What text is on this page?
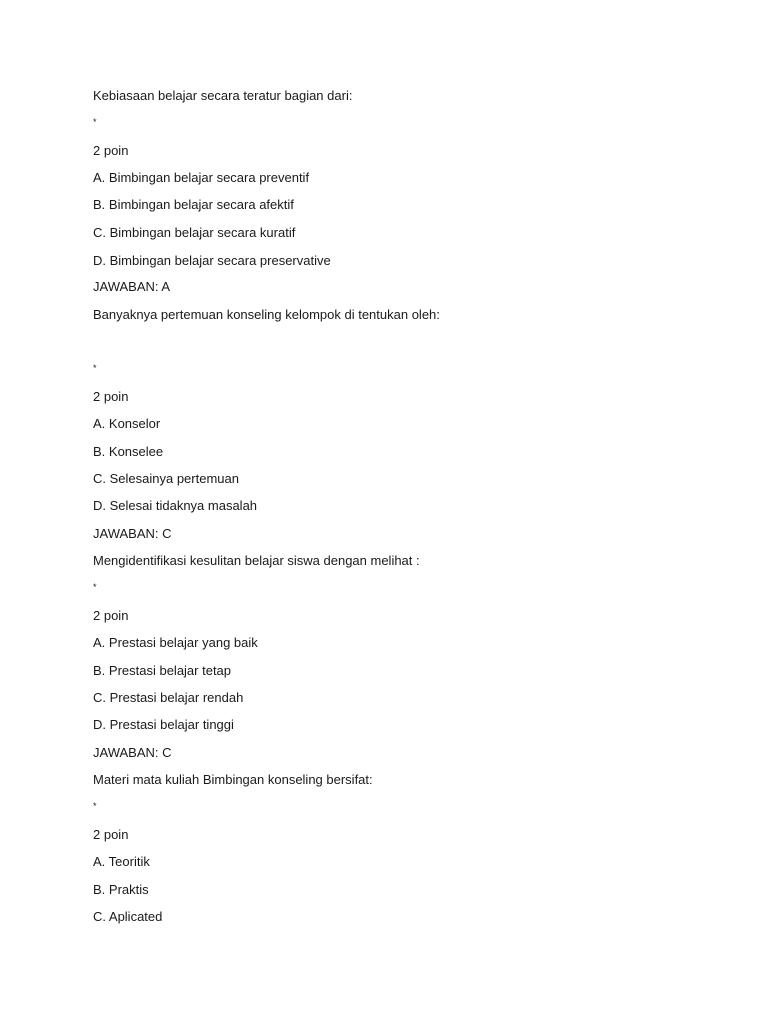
Kebiasaan belajar secara teratur bagian dari:
*
2 poin
A. Bimbingan belajar secara preventif
B. Bimbingan belajar secara afektif
C. Bimbingan belajar secara kuratif
D. Bimbingan belajar secara preservative
JAWABAN: A
Banyaknya pertemuan konseling kelompok di tentukan oleh:
*
2 poin
A. Konselor
B. Konselee
C. Selesainya pertemuan
D. Selesai tidaknya masalah
JAWABAN: C
Mengidentifikasi kesulitan belajar siswa dengan melihat :
*
2 poin
A. Prestasi belajar yang baik
B. Prestasi belajar tetap
C. Prestasi belajar rendah
D. Prestasi belajar tinggi
JAWABAN: C
Materi mata kuliah Bimbingan konseling bersifat:
*
2 poin
A. Teoritik
B. Praktis
C. Aplicated
